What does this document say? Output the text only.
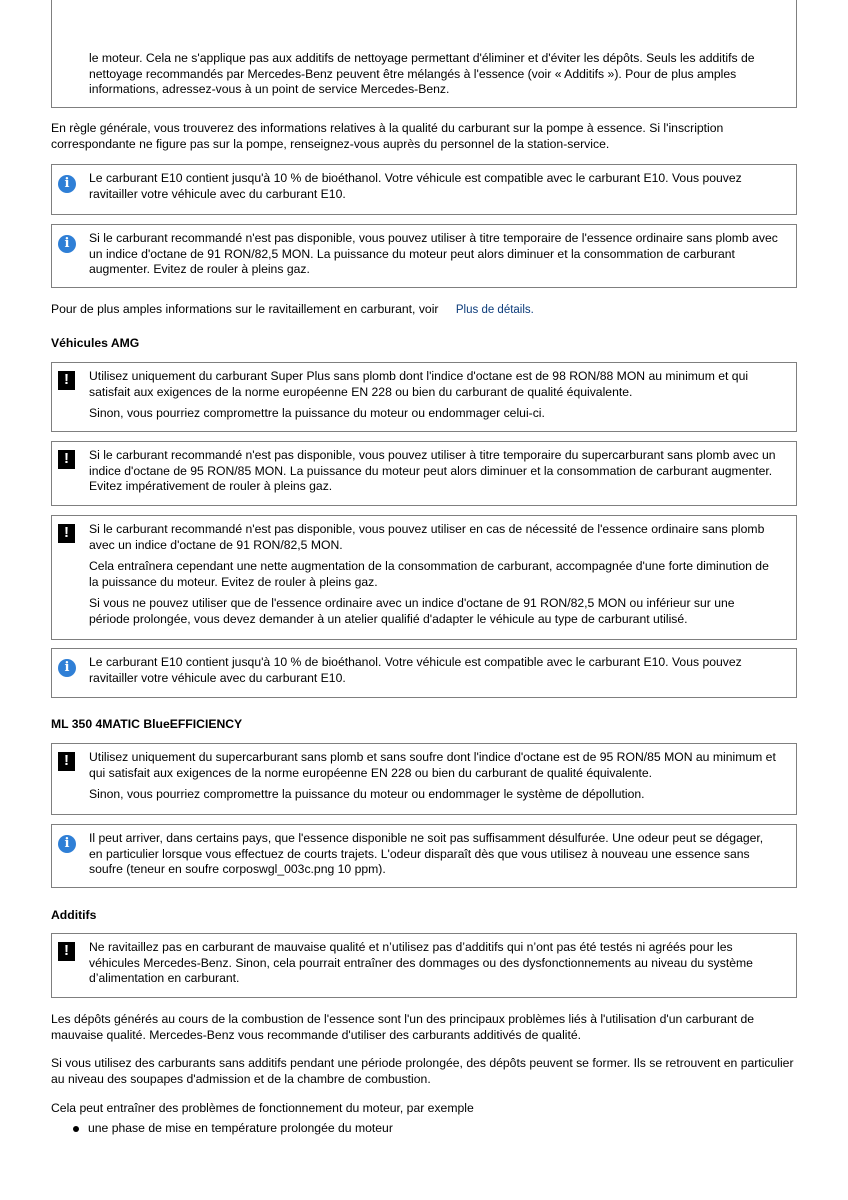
le moteur. Cela ne s'applique pas aux additifs de nettoyage permettant d'éliminer et d'éviter les dépôts. Seuls les additifs de nettoyage recommandés par Mercedes-Benz peuvent être mélangés à l'essence (voir « Additifs »). Pour de plus amples informations, adressez-vous à un point de service Mercedes-Benz.

En règle générale, vous trouverez des informations relatives à la qualité du carburant sur la pompe à essence. Si l'inscription correspondante ne figure pas sur la pompe, renseignez-vous auprès du personnel de la station-service.

i	Le carburant E10 contient jusqu'à 10 % de bioéthanol. Votre véhicule est compatible avec le carburant E10. Vous pouvez ravitailler votre véhicule avec du carburant E10.

i	Si le carburant recommandé n'est pas disponible, vous pouvez utiliser à titre temporaire de l'essence ordinaire sans plomb avec un indice d'octane de 91 RON/82,5 MON. La puissance du moteur peut alors diminuer et la consommation de carburant augmenter. Evitez de rouler à pleins gaz.

Pour de plus amples informations sur le ravitaillement en carburant, voir Plus de détails.

Véhicules AMG

!	Utilisez uniquement du carburant Super Plus sans plomb dont l'indice d'octane est de 98 RON/88 MON au minimum et qui satisfait aux exigences de la norme européenne EN 228 ou bien du carburant de qualité équivalente.

Sinon, vous pourriez compromettre la puissance du moteur ou endommager celui-ci.

!	Si le carburant recommandé n'est pas disponible, vous pouvez utiliser à titre temporaire du supercarburant sans plomb avec un indice d'octane de 95 RON/85 MON. La puissance du moteur peut alors diminuer et la consommation de carburant augmenter. Evitez impérativement de rouler à pleins gaz.

!	Si le carburant recommandé n'est pas disponible, vous pouvez utiliser en cas de nécessité de l'essence ordinaire sans plomb avec un indice d'octane de 91 RON/82,5 MON.

Cela entraînera cependant une nette augmentation de la consommation de carburant, accompagnée d'une forte diminution de la puissance du moteur. Evitez de rouler à pleins gaz.

Si vous ne pouvez utiliser que de l'essence ordinaire avec un indice d'octane de 91 RON/82,5 MON ou inférieur sur une période prolongée, vous devez demander à un atelier qualifié d'adapter le véhicule au type de carburant utilisé.

i	Le carburant E10 contient jusqu'à 10 % de bioéthanol. Votre véhicule est compatible avec le carburant E10. Vous pouvez ravitailler votre véhicule avec du carburant E10.

ML 350 4MATIC BlueEFFICIENCY

!	Utilisez uniquement du supercarburant sans plomb et sans soufre dont l'indice d'octane est de 95 RON/85 MON au minimum et qui satisfait aux exigences de la norme européenne EN 228 ou bien du carburant de qualité équivalente.

Sinon, vous pourriez compromettre la puissance du moteur ou endommager le système de dépollution.

i	Il peut arriver, dans certains pays, que l'essence disponible ne soit pas suffisamment désulfurée. Une odeur peut se dégager, en particulier lorsque vous effectuez de courts trajets. L'odeur disparaît dès que vous utilisez à nouveau une essence sans soufre (teneur en soufre corposwgl_003c.png 10 ppm).

Additifs

!	Ne ravitaillez pas en carburant de mauvaise qualité et n’utilisez pas d’additifs qui n’ont pas été testés ni agréés pour les véhicules Mercedes-Benz. Sinon, cela pourrait entraîner des dommages ou des dysfonctionnements au niveau du système d’alimentation en carburant.

Les dépôts générés au cours de la combustion de l'essence sont l'un des principaux problèmes liés à l'utilisation d'un carburant de mauvaise qualité. Mercedes-Benz vous recommande d'utiliser des carburants additivés de qualité.

Si vous utilisez des carburants sans additifs pendant une période prolongée, des dépôts peuvent se former. Ils se retrouvent en particulier au niveau des soupapes d'admission et de la chambre de combustion.

Cela peut entraîner des problèmes de fonctionnement du moteur, par exemple

une phase de mise en température prolongée du moteur
